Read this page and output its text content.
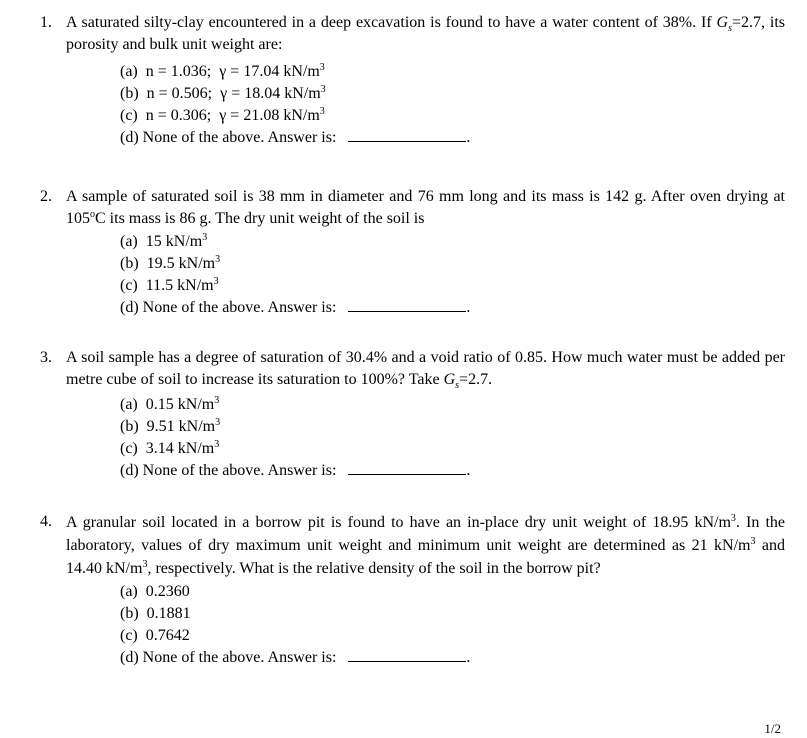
1. A saturated silty-clay encountered in a deep excavation is found to have a water content of 38%. If $G_s=2.7$, its porosity and bulk unit weight are:
(a) n = 1.036; γ = 17.04 $kN/m^3$
(b) n = 0.506; γ = 18.04 $kN/m^3$
(c) n = 0.306; γ = 21.08 $kN/m^3$
(d) None of the above. Answer is:	.
2. A sample of saturated soil is 38 mm in diameter and 76 mm long and its mass is 142 g. After oven drying at 105$^o$C its mass is 86 g. The dry unit weight of the soil is
(a) 15 $kN/m^3$
(b) 19.5 $kN/m^3$
(c) 11.5 $kN/m^3$
(d) None of the above. Answer is:	.
3. A soil sample has a degree of saturation of 30.4% and a void ratio of 0.85. How much water must be added per metre cube of soil to increase its saturation to 100%? Take $G_s=2.7$.
(a) 0.15 $kN/m^3$
(b) 9.51 $kN/m^3$
(c) 3.14 $kN/m^3$
(d) None of the above. Answer is:	.
4. A granular soil located in a borrow pit is found to have an in-place dry unit weight of 18.95 $kN/m^3$. In the laboratory, values of dry maximum unit weight and minimum unit weight are determined as 21 $kN/m^3$ and 14.40 $kN/m^3$, respectively. What is the relative density of the soil in the borrow pit?
(a) 0.2360
(b) 0.1881
(c) 0.7642
(d) None of the above. Answer is:	.
1/2
